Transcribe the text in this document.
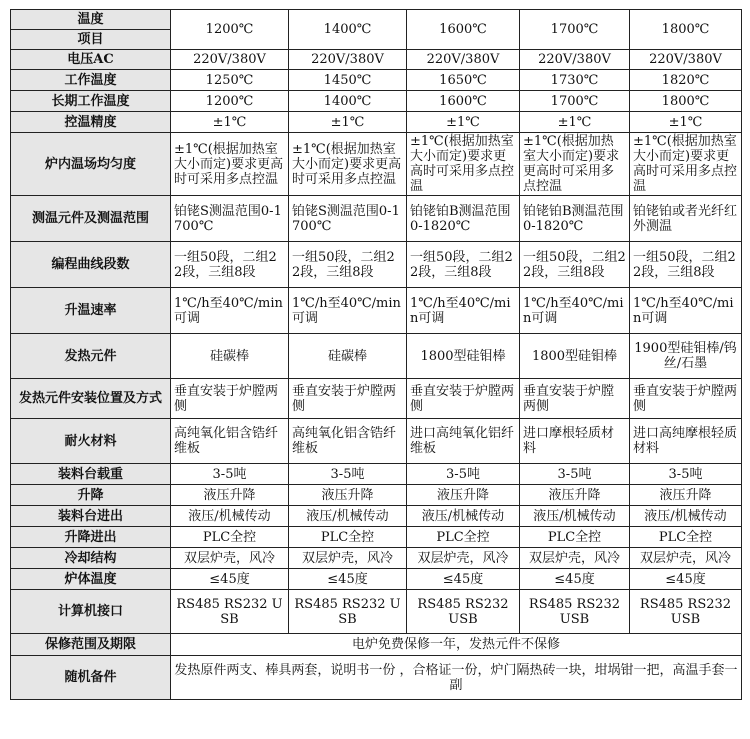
温度
项目	1200℃	1400℃	1600℃	1700℃	1800℃
电压AC	220V/380V	220V/380V	220V/380V	220V/380V	220V/380V
工作温度	1250℃	1450℃	1650℃	1730℃	1820℃
长期工作温度	1200℃	1400℃	1600℃	1700℃	1800℃
控温精度	±1℃	±1℃	±1℃	±1℃	±1℃
炉内温场均匀度	±1℃(根据加热室大小而定)要求更高时可采用多点控温	±1℃(根据加热室大小而定)要求更高时可采用多点控温	±1℃(根据加热室大小而定)要求更高时可采用多点控温	±1℃(根据加热室大小而定)要求更高时可采用多点控温	±1℃(根据加热室大小而定)要求更高时可采用多点控温
测温元件及测温范围	铂铑S测温范围0-1700℃	铂铑S测温范围0-1700℃	铂铑铂B测温范围0-1820℃	铂铑铂B测温范围0-1820℃	铂铑铂或者光纤红外测温
编程曲线段数	一组50段，二组22段，三组8段	一组50段，二组22段，三组8段	一组50段，二组22段，三组8段	一组50段，二组22段，三组8段	一组50段，二组22段，三组8段
升温速率	1℃/h至40℃/min可调	1℃/h至40℃/min可调	1℃/h至40℃/min可调	1℃/h至40℃/min可调	1℃/h至40℃/min可调
发热元件	硅碳棒	硅碳棒	1800型硅钼棒	1800型硅钼棒	1900型硅钼棒/钨丝/石墨
发热元件安装位置及方式	垂直安装于炉膛两侧	垂直安装于炉膛两侧	垂直安装于炉膛两侧	垂直安装于炉膛两侧	垂直安装于炉膛两侧
耐火材料	高纯氧化铝含锆纤维板	高纯氧化铝含锆纤维板	进口高纯氧化铝纤维板	进口摩根轻质材料	进口高纯摩根轻质材料
装料台载重	3-5吨	3-5吨	3-5吨	3-5吨	3-5吨
升降	液压升降	液压升降	液压升降	液压升降	液压升降
装料台进出	液压/机械传动	液压/机械传动	液压/机械传动	液压/机械传动	液压/机械传动
升降进出	PLC全控	PLC全控	PLC全控	PLC全控	PLC全控
冷却结构	双层炉壳，风冷	双层炉壳，风冷	双层炉壳，风冷	双层炉壳，风冷	双层炉壳，风冷
炉体温度	≤45度	≤45度	≤45度	≤45度	≤45度
计算机接口	RS485 RS232 USB	RS485 RS232 USB	RS485 RS232 USB	RS485 RS232 USB	RS485 RS232 USB
保修范围及期限	电炉免费保修一年，发热元件不保修				
随机备件	发热原件两支、棒具两套，说明书一份 ，合格证一份，炉门隔热砖一块，坩埚钳一把，高温手套一副				
